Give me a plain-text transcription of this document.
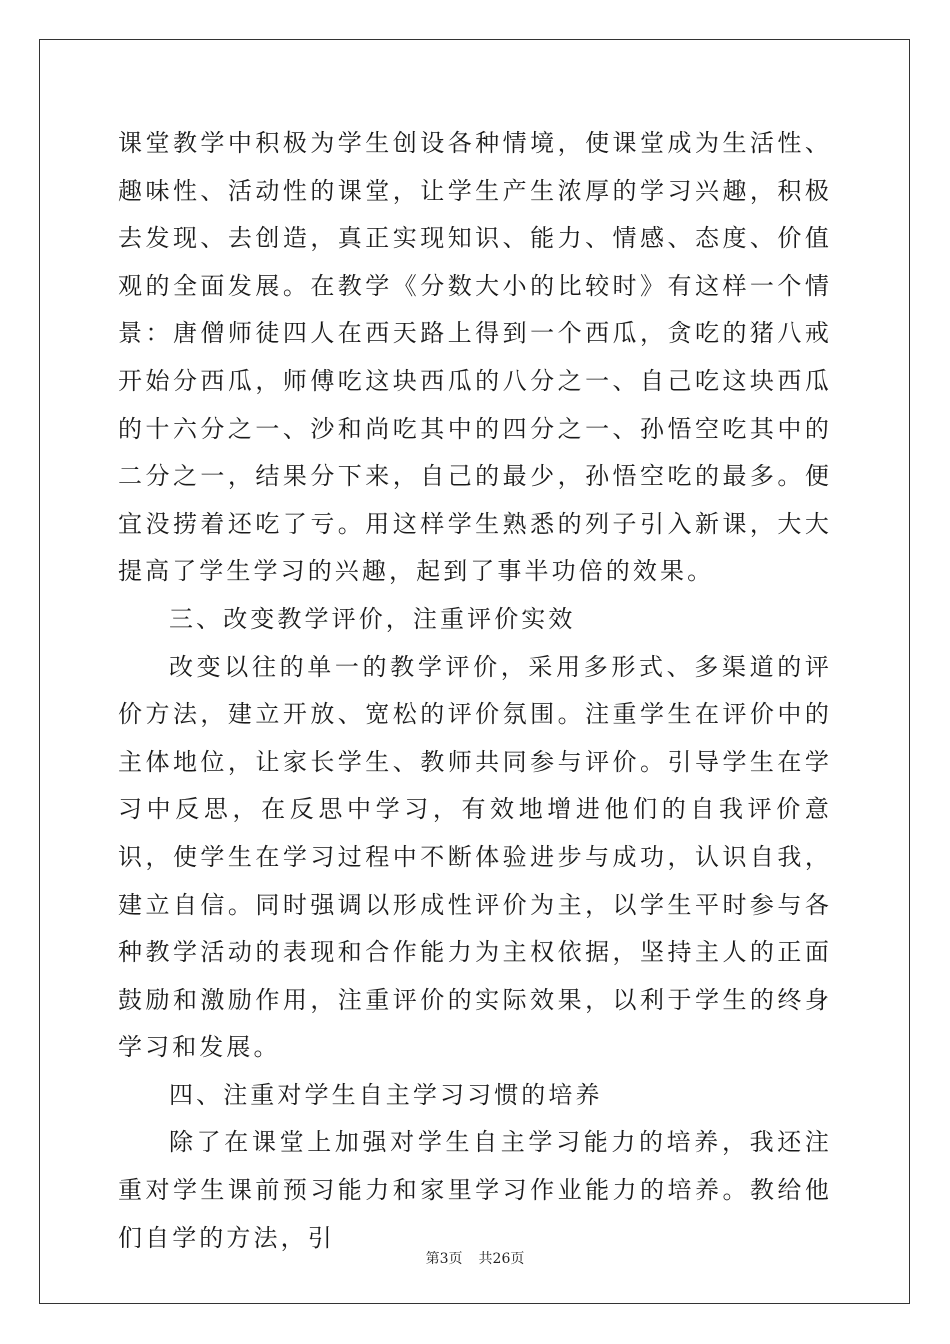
课堂教学中积极为学生创设各种情境，使课堂成为生活性、趣味性、活动性的课堂，让学生产生浓厚的学习兴趣，积极去发现、去创造，真正实现知识、能力、情感、态度、价值观的全面发展。在教学《分数大小的比较时》有这样一个情景：唐僧师徒四人在西天路上得到一个西瓜，贪吃的猪八戒开始分西瓜，师傅吃这块西瓜的八分之一、自己吃这块西瓜的十六分之一、沙和尚吃其中的四分之一、孙悟空吃其中的二分之一，结果分下来，自己的最少，孙悟空吃的最多。便宜没捞着还吃了亏。用这样学生熟悉的列子引入新课，大大提高了学生学习的兴趣，起到了事半功倍的效果。

三、改变教学评价，注重评价实效

改变以往的单一的教学评价，采用多形式、多渠道的评价方法，建立开放、宽松的评价氛围。注重学生在评价中的主体地位，让家长学生、教师共同参与评价。引导学生在学习中反思，在反思中学习，有效地增进他们的自我评价意识，使学生在学习过程中不断体验进步与成功，认识自我，建立自信。同时强调以形成性评价为主，以学生平时参与各种教学活动的表现和合作能力为主权依据，坚持主人的正面鼓励和激励作用，注重评价的实际效果，以利于学生的终身学习和发展。

四、注重对学生自主学习习惯的培养

除了在课堂上加强对学生自主学习能力的培养，我还注重对学生课前预习能力和家里学习作业能力的培养。教给他们自学的方法，引

第3页 共26页
